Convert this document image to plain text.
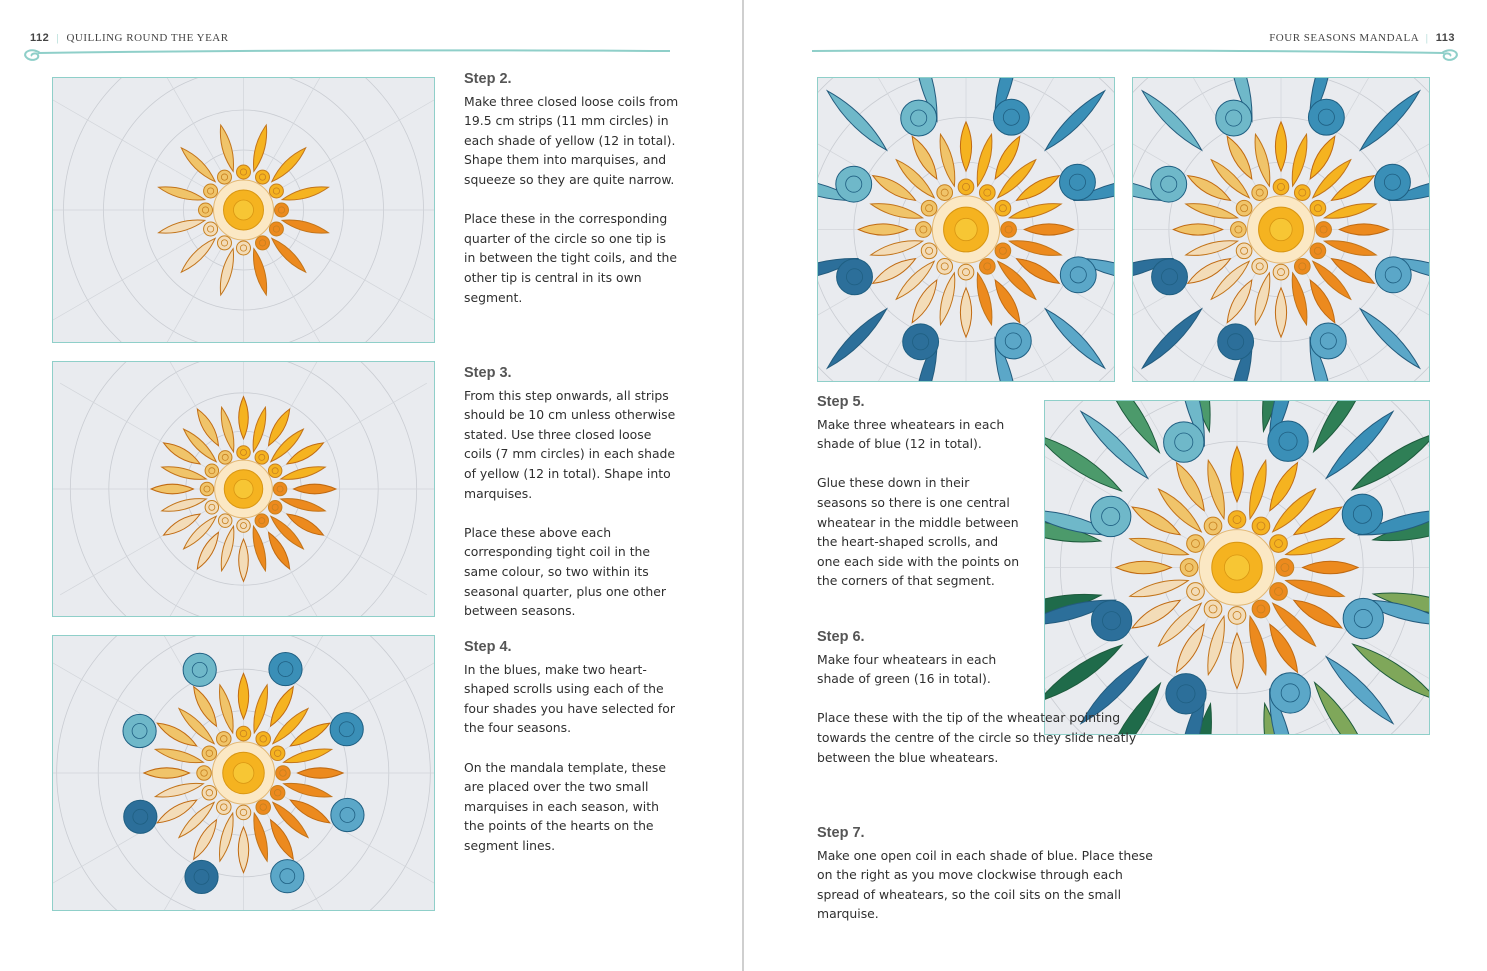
112 | QUILLING ROUND THE YEAR
Step 2.

Make three closed loose coils from 19.5 cm strips (11 mm circles) in each shade of yellow (12 in total). Shape them into marquises, and squeeze so they are quite narrow.

Place these in the corresponding quarter of the circle so one tip is in between the tight coils, and the other tip is central in its own segment.

Step 3.

From this step onwards, all strips should be 10 cm unless otherwise stated. Use three closed loose coils (7 mm circles) in each shade of yellow (12 in total). Shape into marquises.

Place these above each corresponding tight coil in the same colour, so two within its seasonal quarter, plus one other between seasons.

Step 4.

In the blues, make two heart-shaped scrolls using each of the four shades you have selected for the four seasons.

On the mandala template, these are placed over the two small marquises in each season, with the points of the hearts on the segment lines.

FOUR SEASONS MANDALA | 113
Step 5.

Make three wheatears in each shade of blue (12 in total).

Glue these down in their seasons so there is one central wheatear in the middle between the heart-shaped scrolls, and one each side with the points on the corners of that segment.

Step 6.

Make four wheatears in each shade of green (16 in total).

Place these with the tip of the wheatear pointing towards the centre of the circle so they slide neatly between the blue wheatears.

Step 7.

Make one open coil in each shade of blue. Place these on the right as you move clockwise through each spread of wheatears, so the coil sits on the small marquise.
